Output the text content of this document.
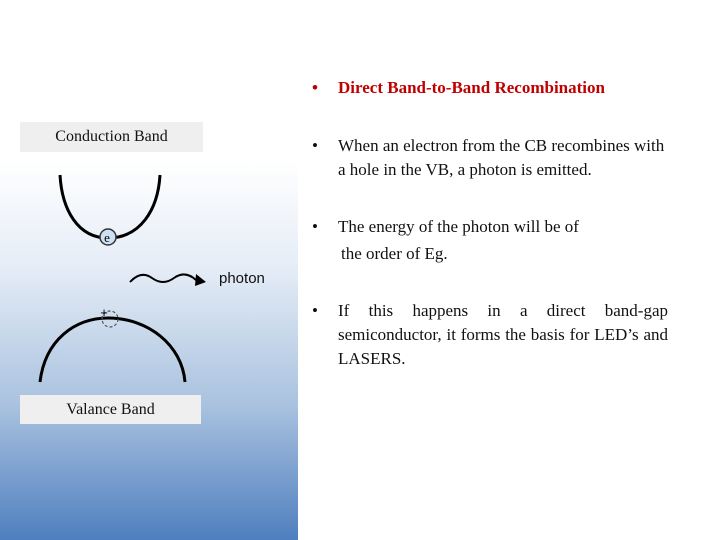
e
+
Conduction Band
Valance Band
photon
• Direct Band-to-Band Recombination
• When an electron from the CB recombines with a hole in the VB, a photon is emitted.
• The energy of the photon will be of
the order of Eg.
• If this happens in a direct band-gap semiconductor, it forms the basis for LED’s and LASERS.
